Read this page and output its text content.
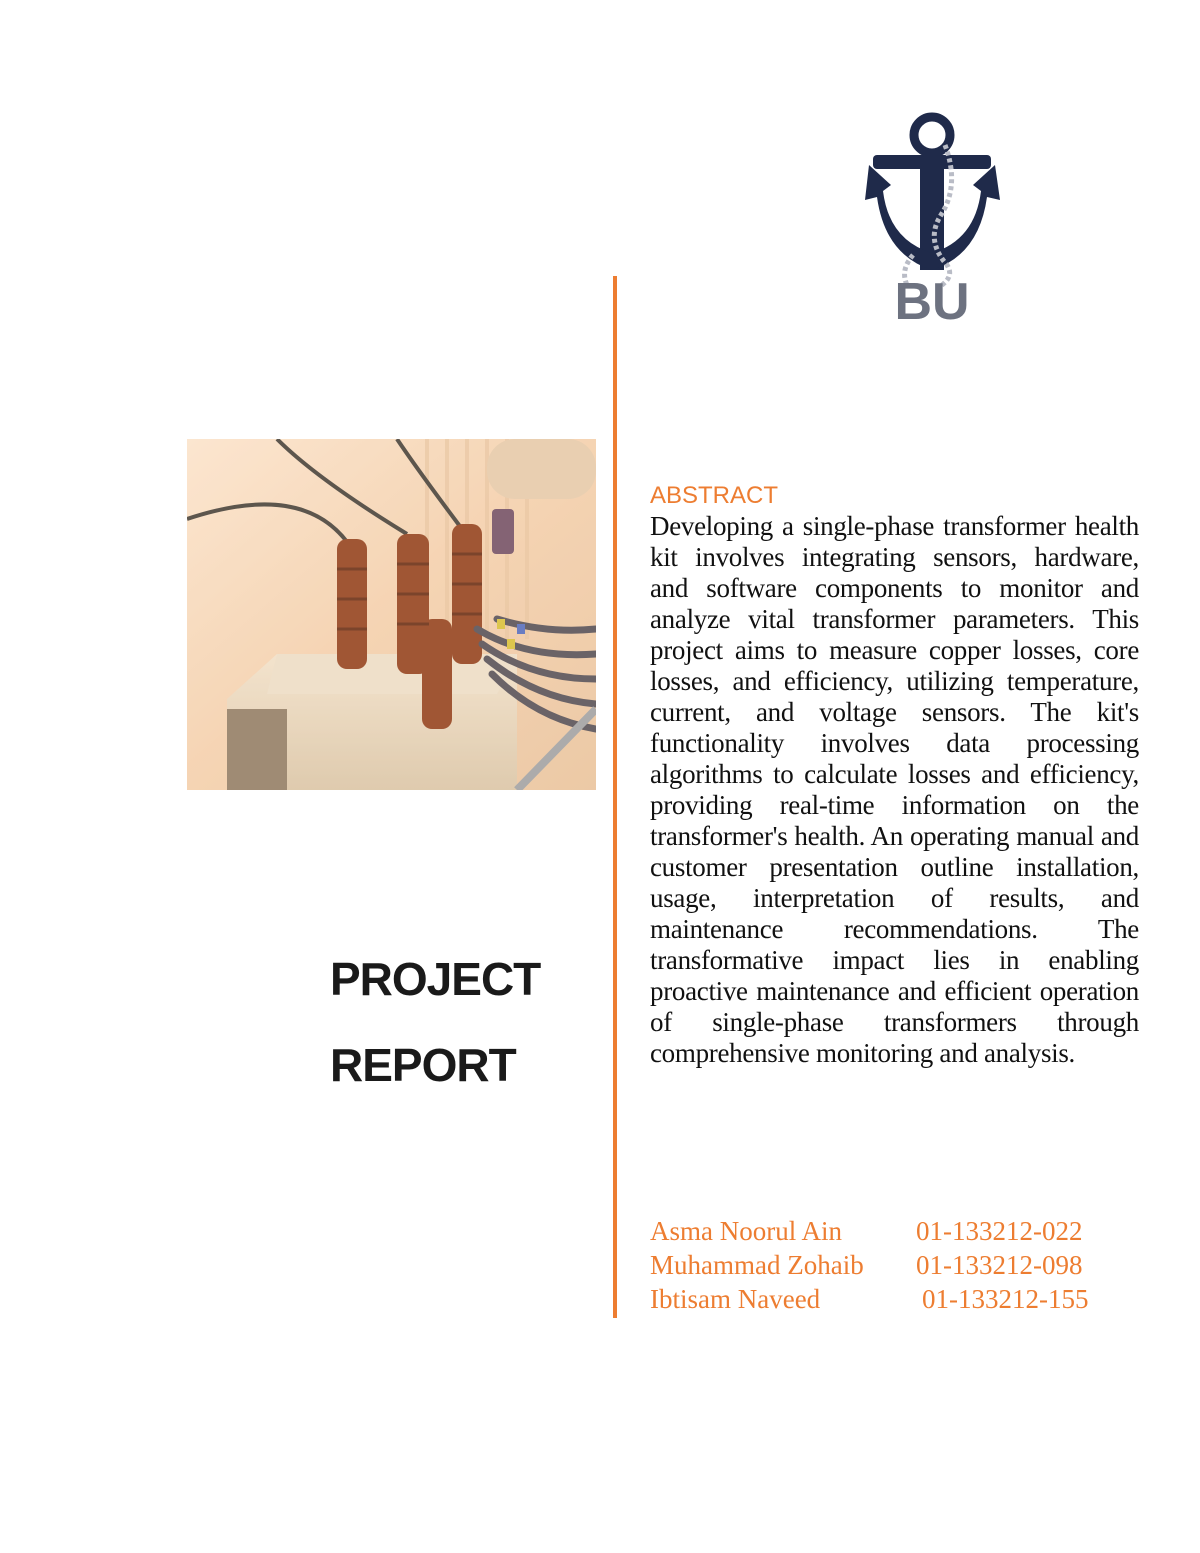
BU
PROJECT
REPORT
ABSTRACT

Developing a single-phase transformer health kit involves integrating sensors, hardware, and software components to monitor and analyze vital transformer parameters. This project aims to measure copper losses, core losses, and efficiency, utilizing temperature, current, and voltage sensors. The kit's functionality involves data processing algorithms to calculate losses and efficiency, providing real-time information on the transformer's health. An operating manual and customer presentation outline installation, usage, interpretation of results, and maintenance recommendations. The transformative impact lies in enabling proactive maintenance and efficient operation of single-phase transformers through comprehensive monitoring and analysis.

Asma Noorul Ain	01-133212-022
Muhammad Zohaib	01-133212-098
Ibtisam Naveed	01-133212-155
